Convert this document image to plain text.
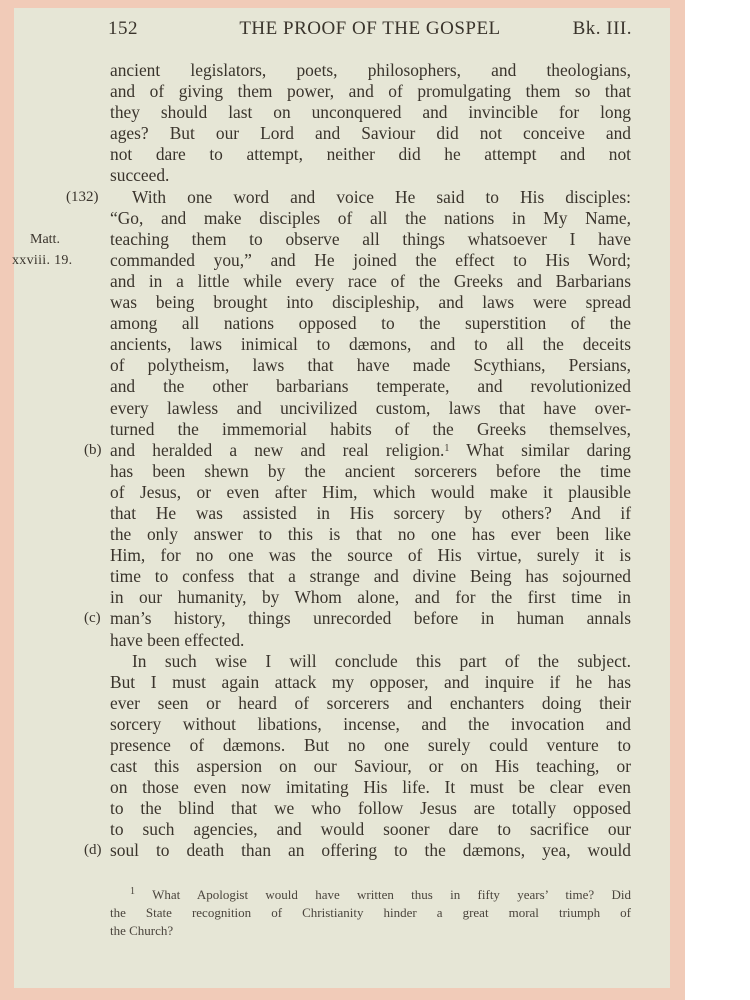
152	THE PROOF OF THE GOSPEL	Bk. III.
ancient legislators, poets, philosophers, and theologians,
and of giving them power, and of promulgating them so that
they should last on unconquered and invincible for long
ages? But our Lord and Saviour did not conceive and
not dare to attempt, neither did he attempt and not
succeed.
(132) With one word and voice He said to His disciples:
“Go, and make disciples of all the nations in My Name,
Matt.	teaching them to observe all things whatsoever I have
xxviii. 19. commanded you,” and He joined the effect to His Word;
and in a little while every race of the Greeks and Barbarians
was being brought into discipleship, and laws were spread
among all nations opposed to the superstition of the
ancients, laws inimical to dæmons, and to all the deceits
of polytheism, laws that have made Scythians, Persians,
and the other barbarians temperate, and revolutionized
every lawless and uncivilized custom, laws that have over-
turned the immemorial habits of the Greeks themselves,
(b) and heralded a new and real religion.$^1$ What similar daring
has been shewn by the ancient sorcerers before the time
of Jesus, or even after Him, which would make it plausible
that He was assisted in His sorcery by others? And if
the only answer to this is that no one has ever been like
Him, for no one was the source of His virtue, surely it is
time to confess that a strange and divine Being has sojourned
in our humanity, by Whom alone, and for the first time in
(c) man’s history, things unrecorded before in human annals
have been effected.
In such wise I will conclude this part of the subject.
But I must again attack my opposer, and inquire if he has
ever seen or heard of sorcerers and enchanters doing their
sorcery without libations, incense, and the invocation and
presence of dæmons. But no one surely could venture to
cast this aspersion on our Saviour, or on His teaching, or
on those even now imitating His life. It must be clear even
to the blind that we who follow Jesus are totally opposed
to such agencies, and would sooner dare to sacrifice our
(d) soul to death than an offering to the dæmons, yea, would
$^1$ What Apologist would have written thus in fifty years’ time? Did
the State recognition of Christianity hinder a great moral triumph of
the Church?
